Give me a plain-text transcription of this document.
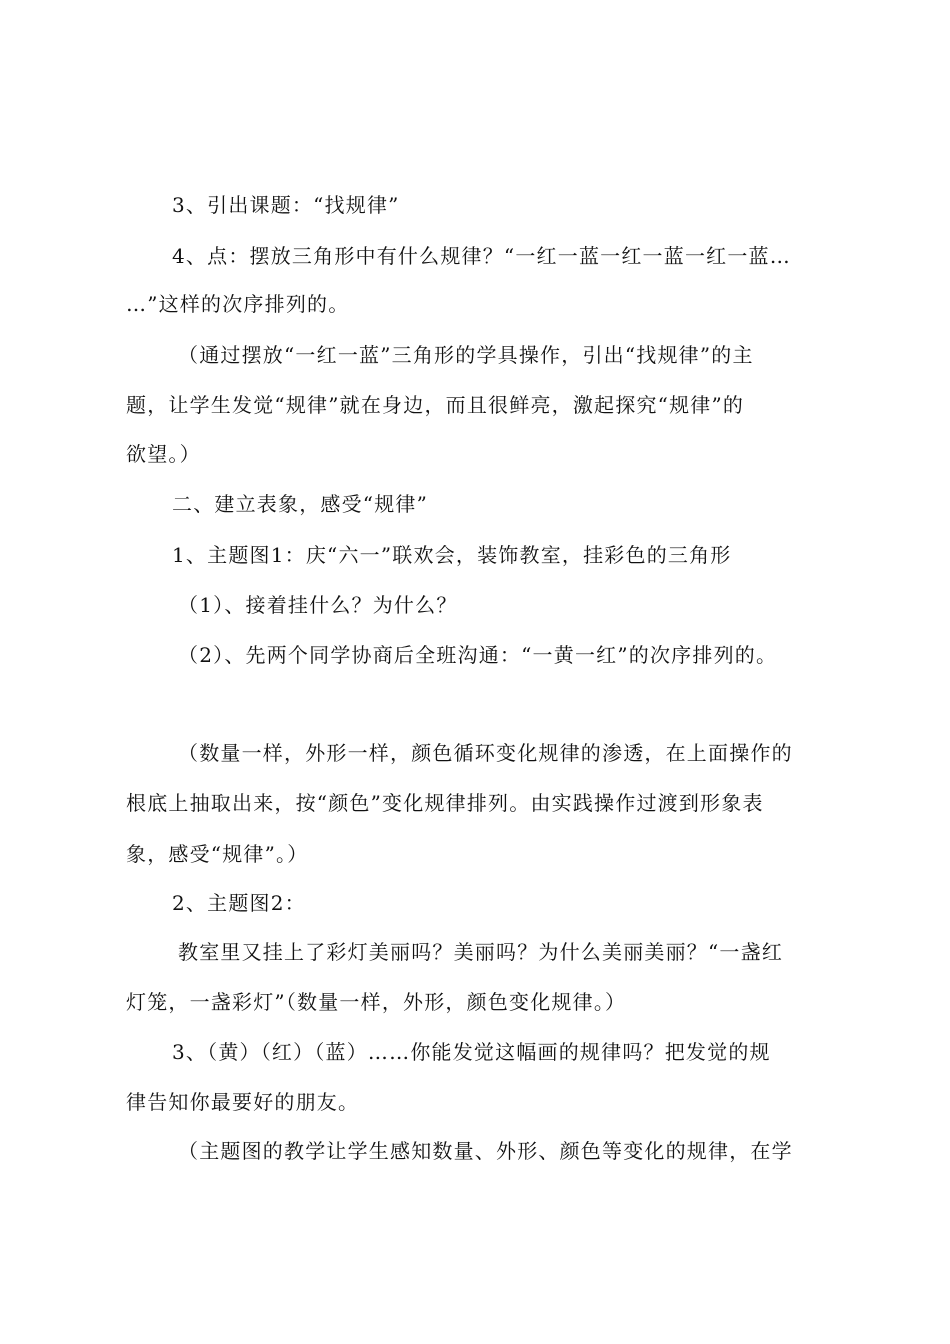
3、引出课题：“找规律”
4、点：摆放三角形中有什么规律？“一红一蓝一红一蓝一红一蓝…
…”这样的次序排列的。
（通过摆放“一红一蓝”三角形的学具操作，引出“找规律”的主
题，让学生发觉“规律”就在身边，而且很鲜亮，激起探究“规律”的
欲望。）
二、建立表象，感受“规律”
1、主题图1：庆“六一”联欢会，装饰教室，挂彩色的三角形
（1）、接着挂什么？为什么？
（2）、先两个同学协商后全班沟通：“一黄一红”的次序排列的。
（数量一样，外形一样，颜色循环变化规律的渗透，在上面操作的
根底上抽取出来，按“颜色”变化规律排列。由实践操作过渡到形象表
象，感受“规律”。）
2、主题图2：
教室里又挂上了彩灯美丽吗？美丽吗？为什么美丽美丽？“一盏红
灯笼，一盏彩灯”（数量一样，外形，颜色变化规律。）
3、（黄）（红）（蓝）……你能发觉这幅画的规律吗？把发觉的规
律告知你最要好的朋友。
（主题图的教学让学生感知数量、外形、颜色等变化的规律，在学
